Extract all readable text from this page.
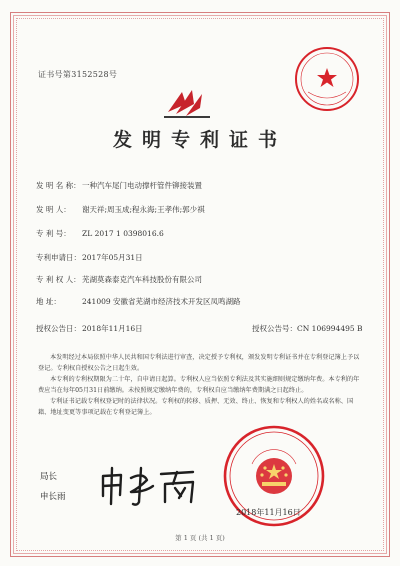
证书号第3152528号
发明专利证书
发 明 名 称：一种汽车尾门电动撑杆管件铆接装置
发 明 人： 谢天祥;周玉成;程永海;王孝伟;郭少祺
专 利 号： ZL 2017 1 0398016.6
专利申请日：2017年05月31日
专 利 权 人：芜湖莫森泰克汽车科技股份有限公司
地 址：	241009 安徽省芜湖市经济技术开发区凤鸣湖路
授权公告日：2018年11月16日	授权公告号：CN 106994495 B

本发明经过本局依照中华人民共和国专利法进行审查，决定授予专利权，颁发发明专利证书并在专利登记簿上予以登记。专利权自授权公告之日起生效。

本专利的专利权期限为二十年，自申请日起算。专利权人应当依照专利法及其实施细则规定缴纳年费。本专利的年费应当在每年05月31日前缴纳。未按照规定缴纳年费的，专利权自应当缴纳年费期满之日起终止。

专利证书记载专利权登记时的法律状况。专利权的转移、质押、无效、终止、恢复和专利权人的姓名或名称、国籍、地址变更等事项记载在专利登记簿上。

局长
申长雨
2018年11月16日
第 1 页 (共 1 页)
